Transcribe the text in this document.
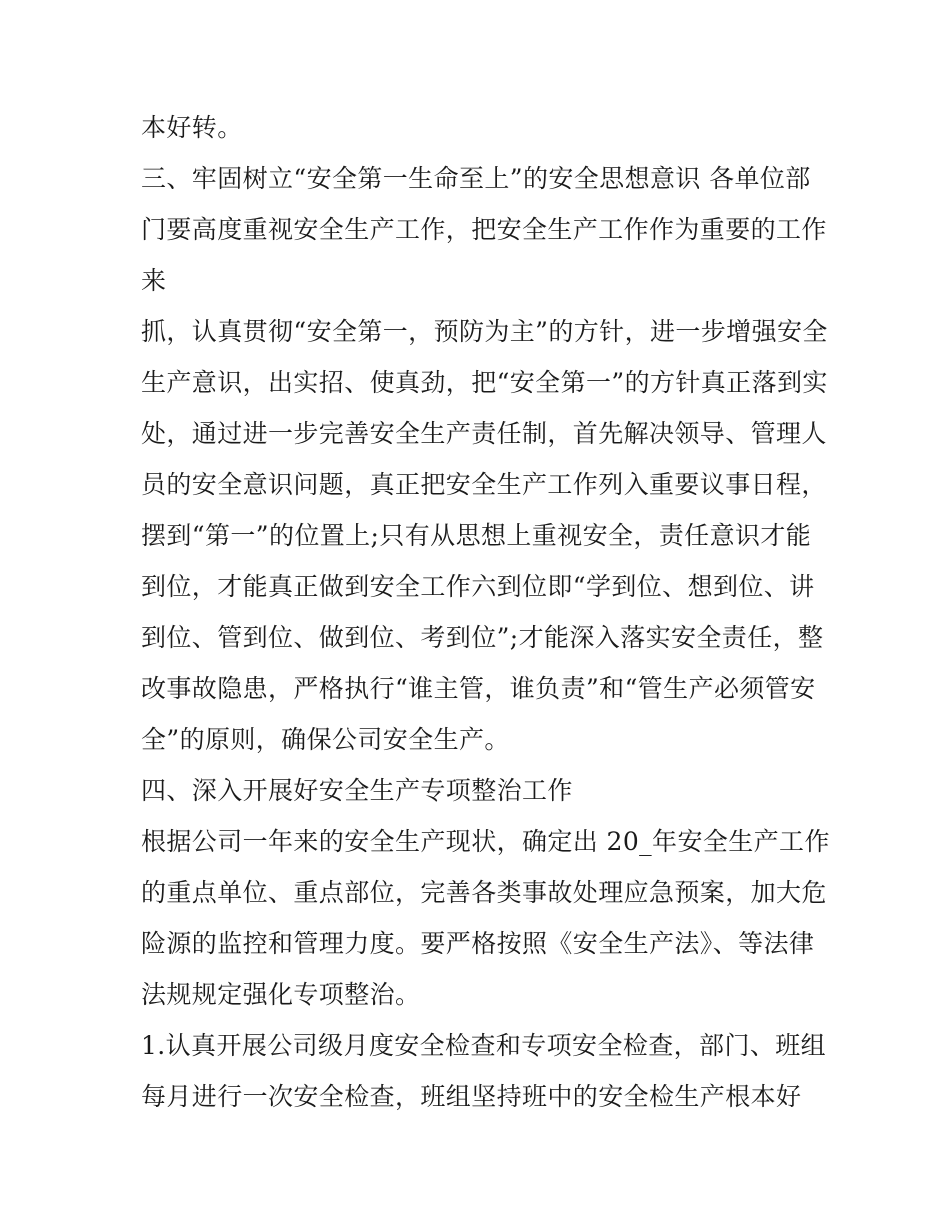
本好转。
三、牢固树立“安全第一生命至上”的安全思想意识 各单位部
门要高度重视安全生产工作，把安全生产工作作为重要的工作
来
抓，认真贯彻“安全第一，预防为主”的方针，进一步增强安全
生产意识，出实招、使真劲，把“安全第一”的方针真正落到实
处，通过进一步完善安全生产责任制，首先解决领导、管理人
员的安全意识问题，真正把安全生产工作列入重要议事日程，
摆到“第一”的位置上;只有从思想上重视安全，责任意识才能
到位，才能真正做到安全工作六到位即“学到位、想到位、讲
到位、管到位、做到位、考到位”;才能深入落实安全责任，整
改事故隐患，严格执行“谁主管，谁负责”和“管生产必须管安
全”的原则，确保公司安全生产。
四、深入开展好安全生产专项整治工作
根据公司一年来的安全生产现状，确定出 20_年安全生产工作
的重点单位、重点部位，完善各类事故处理应急预案，加大危
险源的监控和管理力度。要严格按照《安全生产法》、等法律
法规规定强化专项整治。
1.认真开展公司级月度安全检查和专项安全检查，部门、班组
每月进行一次安全检查，班组坚持班中的安全检生产根本好
